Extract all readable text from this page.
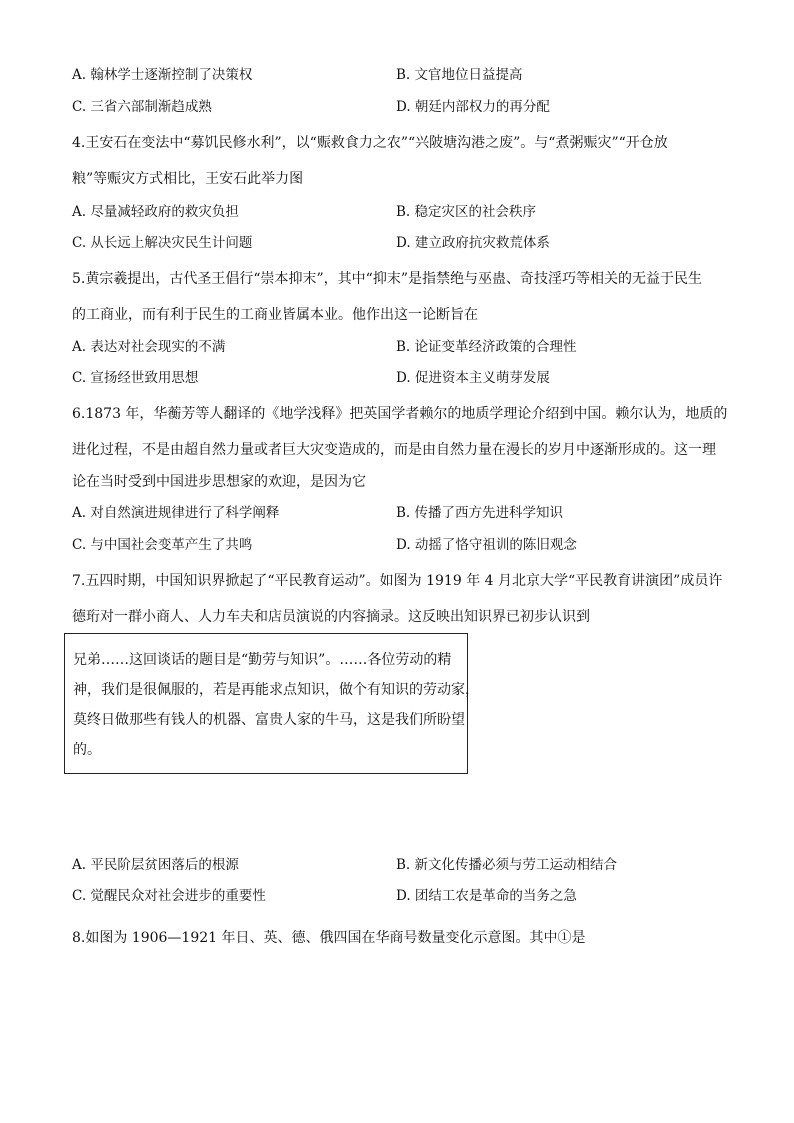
A. 翰林学士逐渐控制了决策权	B. 文官地位日益提高
C. 三省六部制渐趋成熟	D. 朝廷内部权力的再分配
4.王安石在变法中“募饥民修水利”，以“赈救食力之农”“兴陂塘沟港之废”。与“煮粥赈灾”“开仓放
粮”等赈灾方式相比，王安石此举力图
A. 尽量减轻政府的救灾负担	B. 稳定灾区的社会秩序
C. 从长远上解决灾民生计问题	D. 建立政府抗灾救荒体系
5.黄宗羲提出，古代圣王倡行“崇本抑末”，其中“抑末”是指禁绝与巫蛊、奇技淫巧等相关的无益于民生
的工商业，而有利于民生的工商业皆属本业。他作出这一论断旨在
A. 表达对社会现实的不满	B. 论证变革经济政策的合理性
C. 宣扬经世致用思想	D. 促进资本主义萌芽发展
6.1873 年，华蘅芳等人翻译的《地学浅释》把英国学者赖尔的地质学理论介绍到中国。赖尔认为，地质的
进化过程，不是由超自然力量或者巨大灾变造成的，而是由自然力量在漫长的岁月中逐渐形成的。这一理
论在当时受到中国进步思想家的欢迎，是因为它
A. 对自然演进规律进行了科学阐释	B. 传播了西方先进科学知识
C. 与中国社会变革产生了共鸣	D. 动摇了恪守祖训的陈旧观念
7.五四时期，中国知识界掀起了“平民教育运动”。如图为 1919 年 4 月北京大学“平民教育讲演团”成员许
德珩对一群小商人、人力车夫和店员演说的内容摘录。这反映出知识界已初步认识到
兄弟……这回谈话的题目是“勤劳与知识”。……各位劳动的精
神，我们是很佩服的，若是再能求点知识，做个有知识的劳动家，
莫终日做那些有钱人的机器、富贵人家的牛马，这是我们所盼望
的。
A. 平民阶层贫困落后的根源	B. 新文化传播必须与劳工运动相结合
C. 觉醒民众对社会进步的重要性	D. 团结工农是革命的当务之急
8.如图为 1906—1921 年日、英、德、俄四国在华商号数量变化示意图。其中①是
